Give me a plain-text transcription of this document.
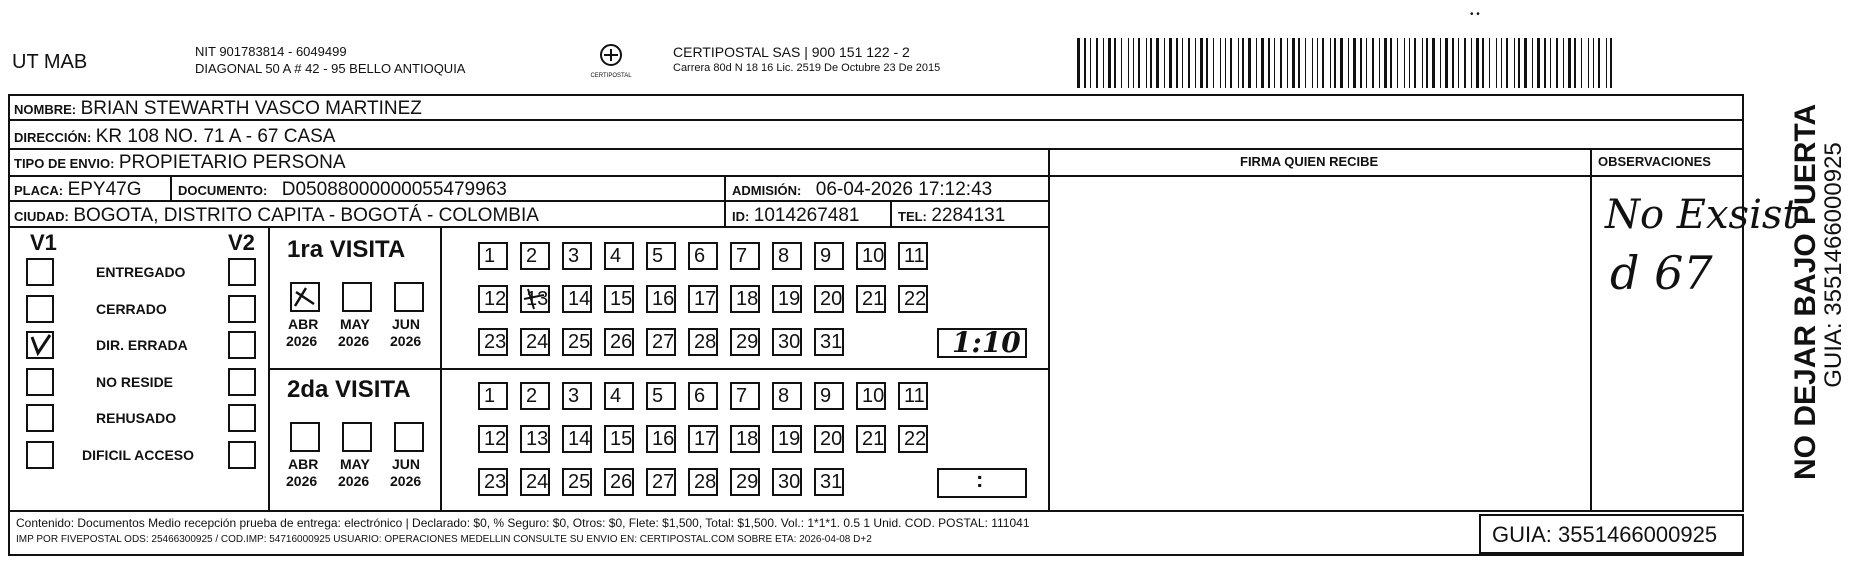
UT MAB	NIT 901783814 - 6049499
DIAGONAL 50 A # 42 - 95 BELLO ANTIOQUIA	CERTIPOSTAL
CERTIPOSTAL SAS | 900 151 122 - 2
Carrera 80d N 18 16 Lic. 2519 De Octubre 23 De 2015
• •
NOMBRE: BRIAN STEWARTH VASCO MARTINEZ
DIRECCIÓN: KR 108 NO. 71 A - 67 CASA
TIPO DE ENVIO: PROPIETARIO PERSONA
PLACA: EPY47G	DOCUMENTO: D05088000000055479963	ADMISIÓN: 06-04-2026 17:12:43
CIUDAD: BOGOTA, DISTRITO CAPITA - BOGOTÁ - COLOMBIA	ID: 1014267481	TEL: 2284131
FIRMA QUIEN RECIBE	OBSERVACIONES
V1	V2
ENTREGADO
CERRADO
DIR. ERRADA
NO RESIDE
REHUSADO
DIFICIL ACCESO
1ra VISITA
2da VISITA
ABR
2026
MAY
2026
JUN
2026
ABR
2026
MAY
2026
JUN
2026
1	2	3	4	5	6	7	8	9	10 11
12 13 14 15 16 17 18 19 20 21 22
23 24 25 26 27 28 29 30 31	1:10
1	2	3	4	5	6	7	8	9	10 11
12 13 14 15 16 17 18 19 20 21 22
23 24 25 26 27 28 29 30 31	:
No Exsist
d 67	NO DEJAR BAJO PUERTA
GUIA: 3551466000925
Contenido: Documentos Medio recepción prueba de entrega: electrónico | Declarado: $0, % Seguro: $0, Otros: $0, Flete: $1,500, Total: $1,500. Vol.: 1*1*1. 0.5 1 Unid. COD. POSTAL: 111041
IMP POR FIVEPOSTAL ODS: 25466300925 / COD.IMP: 54716000925 USUARIO: OPERACIONES MEDELLIN CONSULTE SU ENVIO EN: CERTIPOSTAL.COM SOBRE ETA: 2026-04-08 D+2	GUIA: 3551466000925
